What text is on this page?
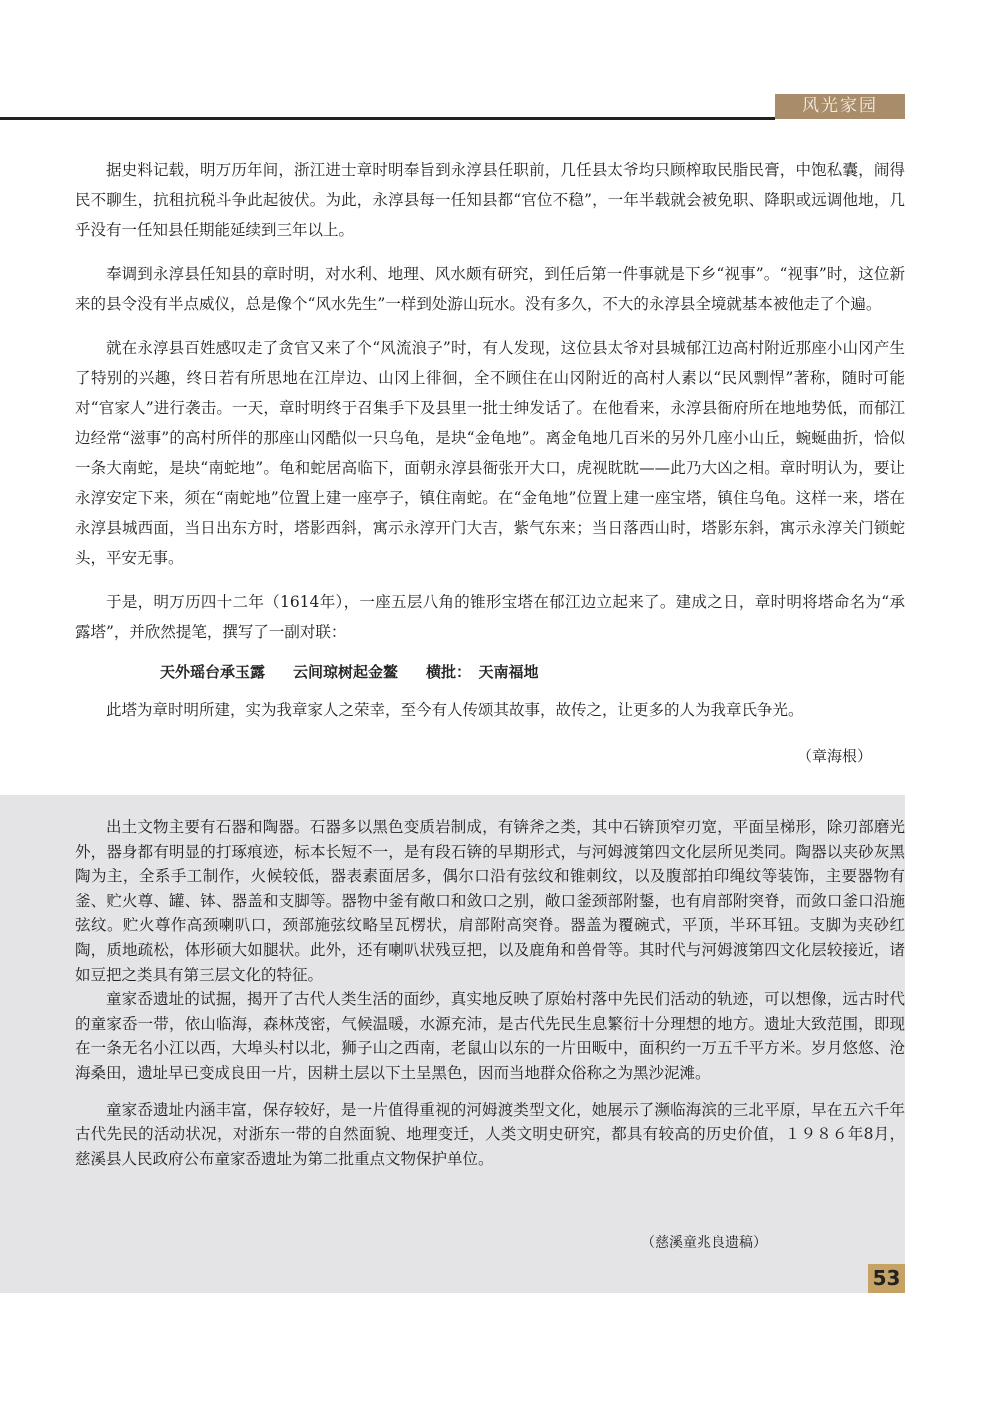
风光家园

据史料记载，明万历年间，浙江进士章时明奉旨到永淳县任职前，几任县太爷均只顾榨取民脂民膏，中饱私囊，闹得民不聊生，抗租抗税斗争此起彼伏。为此，永淳县每一任知县都“官位不稳”，一年半载就会被免职、降职或远调他地，几乎没有一任知县任期能延续到三年以上。

奉调到永淳县任知县的章时明，对水利、地理、风水颇有研究，到任后第一件事就是下乡“视事”。“视事”时，这位新来的县令没有半点威仪，总是像个“风水先生”一样到处游山玩水。没有多久，不大的永淳县全境就基本被他走了个遍。

就在永淳县百姓感叹走了贪官又来了个“风流浪子”时，有人发现，这位县太爷对县城郁江边高村附近那座小山冈产生了特别的兴趣，终日若有所思地在江岸边、山冈上徘徊，全不顾住在山冈附近的高村人素以“民风剽悍”著称，随时可能对“官家人”进行袭击。一天，章时明终于召集手下及县里一批士绅发话了。在他看来，永淳县衙府所在地地势低，而郁江边经常“滋事”的高村所伴的那座山冈酷似一只乌龟，是块“金龟地”。离金龟地几百米的另外几座小山丘，蜿蜒曲折，恰似一条大南蛇，是块“南蛇地”。龟和蛇居高临下，面朝永淳县衙张开大口，虎视眈眈——此乃大凶之相。章时明认为，要让永淳安定下来，须在“南蛇地”位置上建一座亭子，镇住南蛇。在“金龟地”位置上建一座宝塔，镇住乌龟。这样一来，塔在永淳县城西面，当日出东方时，塔影西斜，寓示永淳开门大吉，紫气东来；当日落西山时，塔影东斜，寓示永淳关门锁蛇头，平安无事。

于是，明万历四十二年（1614年），一座五层八角的锥形宝塔在郁江边立起来了。建成之日，章时明将塔命名为“承露塔”，并欣然提笔，撰写了一副对联：

天外瑶台承玉露 云间琼树起金鳌 横批：　天南福地

此塔为章时明所建，实为我章家人之荣幸，至今有人传颂其故事，故传之，让更多的人为我章氏争光。

（章海根）

出土文物主要有石器和陶器。石器多以黑色变质岩制成，有锛斧之类，其中石锛顶窄刃宽，平面呈梯形，除刃部磨光外，器身都有明显的打琢痕迹，标本长短不一，是有段石锛的早期形式，与河姆渡第四文化层所见类同。陶器以夹砂灰黑陶为主，全系手工制作，火候较低，器表素面居多，偶尔口沿有弦纹和锥刺纹，以及腹部拍印绳纹等装饰，主要器物有釜、贮火尊、罐、钵、器盖和支脚等。器物中釜有敞口和敛口之别，敞口釜颈部附鋬，也有肩部附突脊，而敛口釜口沿施弦纹。贮火尊作高颈喇叭口，颈部施弦纹略呈瓦楞状，肩部附高突脊。器盖为覆碗式，平顶，半环耳钮。支脚为夹砂红陶，质地疏松，体形硕大如腿状。此外，还有喇叭状残豆把，以及鹿角和兽骨等。其时代与河姆渡第四文化层较接近，诸如豆把之类具有第三层文化的特征。

童家岙遗址的试掘，揭开了古代人类生活的面纱，真实地反映了原始村落中先民们活动的轨迹，可以想像，远古时代的童家岙一带，依山临海，森林茂密，气候温暖，水源充沛，是古代先民生息繁衍十分理想的地方。遗址大致范围，即现在一条无名小江以西，大埠头村以北，狮子山之西南，老鼠山以东的一片田畈中，面积约一万五千平方米。岁月悠悠、沧海桑田，遗址早已变成良田一片，因耕土层以下土呈黑色，因而当地群众俗称之为黑沙泥滩。

童家岙遗址内涵丰富，保存较好，是一片值得重视的河姆渡类型文化，她展示了濒临海滨的三北平原，早在五六千年古代先民的活动状况，对浙东一带的自然面貌、地理变迁，人类文明史研究，都具有较高的历史价值，１９８６年8月，慈溪县人民政府公布童家岙遗址为第二批重点文物保护单位。

（慈溪童兆良遗稿）
53
